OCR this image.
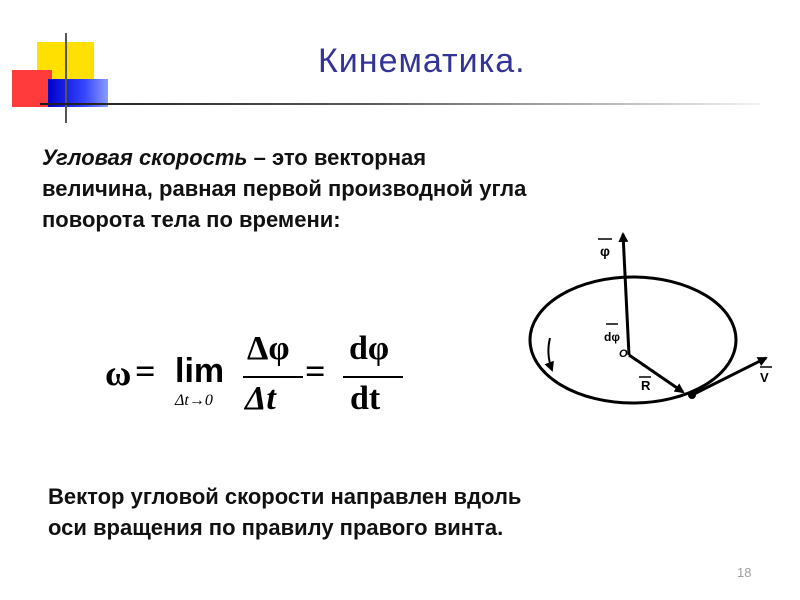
Кинематика.
Угловая скорость – это векторная величина, равная первой производной угла поворота тела по времени:
ω = lim
Δt→0
Δφ
Δt
=
dφ
dt
φ
dφ
O
R
V
Вектор угловой скорости направлен вдоль оси вращения по правилу правого винта.
18
